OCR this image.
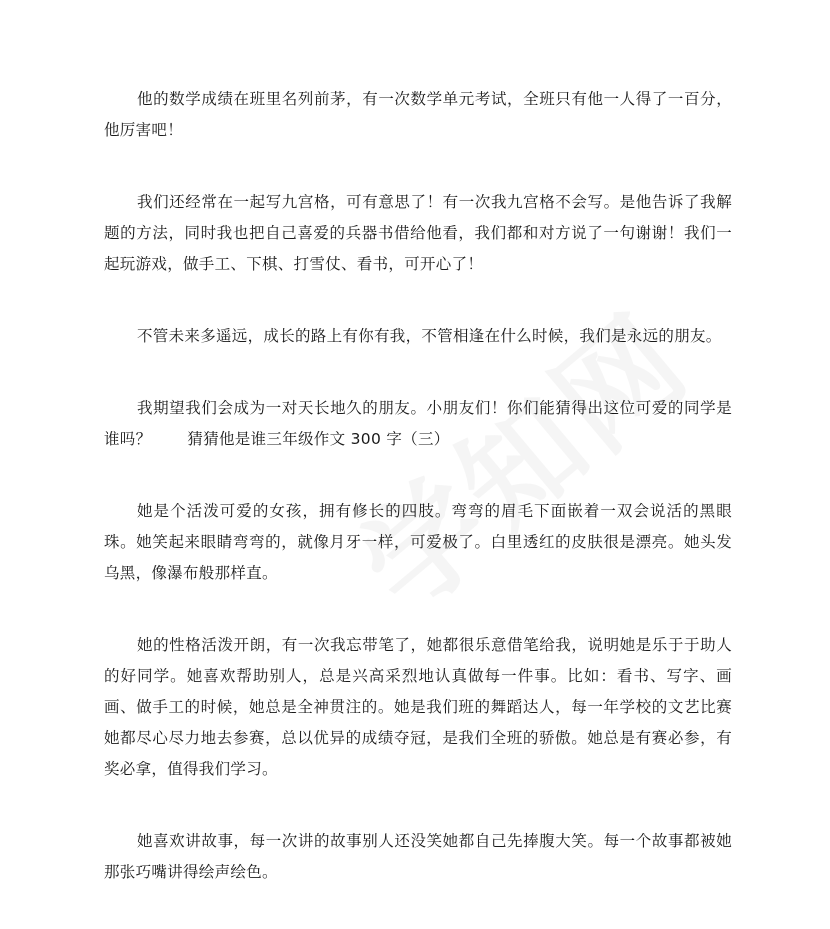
他的数学成绩在班里名列前茅，有一次数学单元考试，全班只有他一人得了一百分，他厉害吧！

我们还经常在一起写九宫格，可有意思了！有一次我九宫格不会写。是他告诉了我解题的方法，同时我也把自己喜爱的兵器书借给他看，我们都和对方说了一句谢谢！我们一起玩游戏，做手工、下棋、打雪仗、看书，可开心了！

不管未来多遥远，成长的路上有你有我，不管相逢在什么时候，我们是永远的朋友。

我期望我们会成为一对天长地久的朋友。小朋友们！你们能猜得出这位可爱的同学是谁吗？ 猜猜他是谁三年级作文 300 字（三）

她是个活泼可爱的女孩，拥有修长的四肢。弯弯的眉毛下面嵌着一双会说活的黑眼珠。她笑起来眼睛弯弯的，就像月牙一样，可爱极了。白里透红的皮肤很是漂亮。她头发乌黑，像瀑布般那样直。

她的性格活泼开朗，有一次我忘带笔了，她都很乐意借笔给我，说明她是乐于于助人的好同学。她喜欢帮助别人，总是兴高采烈地认真做每一件事。比如：看书、写字、画画、做手工的时候，她总是全神贯注的。她是我们班的舞蹈达人，每一年学校的文艺比赛她都尽心尽力地去参赛，总以优异的成绩夺冠，是我们全班的骄傲。她总是有赛必参，有奖必拿，值得我们学习。

她喜欢讲故事，每一次讲的故事别人还没笑她都自己先捧腹大笑。每一个故事都被她那张巧嘴讲得绘声绘色。
